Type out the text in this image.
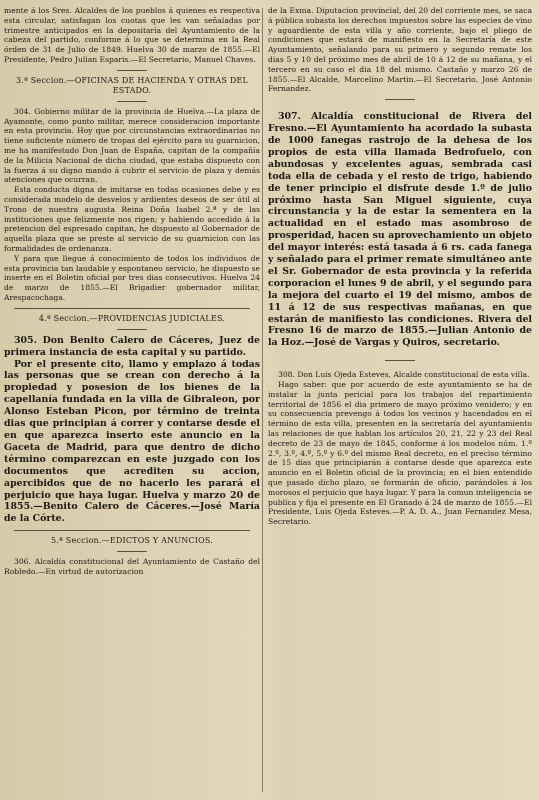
mente á los Sres. Alcaldes de los pueblos á quienes es respectiva esta circular, satisfagan los cuotas que les van señaladas por trimestre anticipados en la depositaría del Ayuntamiento de la cabeza del partido, conforme á lo que se determina en la Real órden de 31 de Julio de 1849. Huelva 30 de marzo de 1855.—El Presidente, Pedro Julian Esparis.—El Secretario, Manuel Chaves.

3.ª Seccion.—OFICINAS DE HACIENDA Y OTRAS DEL ESTADO.

304. Gobierno militar de la provincia de Huelva.—La plaza de Ayamonte, como punto militar, merece consideracion importante en esta provincia. Hoy que por circunstancias extraordinarias no tiene suficiente número de tropas del ejército para su guarnicion, me ha manifestado Don Juan de España, capitan de la compañía de la Milicia Nacional de dicha ciudad, que estaba dispuesto con la fuerza á su digno mando á cubrir el servicio de plaza y demás atenciones que ocurran.

Esta conducta digna de imitarse en todas ocasiones debe y es considerada modelo de desvelos y ardientes deseos de ser útil al Trono de nuestra augusta Reina Doña Isabel 2.ª y de las instituciones que felizmente nos rigen; y habiendo accedido á la pretencion del espresado capitan, he dispuesto al Gobernador de aquella plaza que se preste al servicio de su guarnicion con las formalidades de ordenanza.

Y para que llegue á conocimiento de todos los individuos de esta provincia tan laudable y espontaneo servicio, he dispuesto se inserte en el Boletin oficial por tres dias consecutivos. Huelva 24 de marzo de 1855.—El Brigadier gobernador militar, Arespacochaga.

4.ª Seccion.—PROVIDENCIAS JUDICIALES.

305. Don Benito Calero de Cáceres, Juez de primera instancia de esta capital y su partido.

Por el presente cito, llamo y emplazo á todas las personas que se crean con derecho á la propiedad y posesion de los bienes de la capellanía fundada en la villa de Gibraleon, por Alonso Esteban Picon, por término de treinta dias que principian á correr y contarse desde el en que aparezca inserto este anuncio en la Gaceta de Madrid, para que dentro de dicho término comparezcan en este juzgado con los documentos que acrediten su accion, apercibidos que de no hacerlo les parará el perjuicio que haya lugar. Huelva y marzo 20 de 1855.—Benito Calero de Cáceres.—José María de la Córte.

5.ª Seccion.—EDICTOS Y ANUNCIOS.

306. Alcaldía constitucional del Ayuntamiento de Castaño del Robledo.—En virtud de autorizacion

de la Exma. Diputacion provincial, del 20 del corriente mes, se saca á pública subasta los derechos impuestos sobre las especies de vino y aguardiente de esta villa y año corriente, bajo el pliego de condiciones que estará de manifiesto en la Secretaría de este Ayuntamiento, señalando para su primero y segundo remate los dias 5 y 10 del próximo mes de abril de 10 á 12 de su mañana, y el tercero en su caso el dia 18 del mismo. Castaño y marzo 26 de 1855.—El Alcalde, Marcelino Martin.—El Secretario, José Antonio Fernandez.

307. Alcaldía constitucional de Rivera del Fresno.—El Ayuntamiento ha acordado la subasta de 1000 fanegas rastrojo de la dehesa de los propios de esta villa llamada Bedrofuelo, con abundosas y excelentes aguas, sembrada casi toda ella de cebada y el resto de trigo, habiendo de tener principio el disfrute desde 1.º de julio próximo hasta San Miguel siguiente, cuya circunstancia y la de estar la sementera en la actualidad en el estado mas asombroso de prosperidad, hacen su aprovechamiento un objeto del mayor interés: está tasada á 6 rs. cada fanega y señalado para el primer remate simultáneo ante el Sr. Gobernador de esta provincia y la referida corporacion el lunes 9 de abril, y el segundo para la mejora del cuarto el 19 del mismo, ambos de 11 á 12 de sus respectivas mañanas, en que estarán de manifiesto las condiciones. Rivera del Fresno 16 de marzo de 1855.—Julian Antonio de la Hoz.—José de Vargas y Quiros, secretario.

308. Don Luis Ojeda Esteves, Alcalde constitucional de esta villa.

Hago saber: que por acuerdo de este ayuntamiento se ha de instalar la junta pericial para los trabajos del repartimiento territorial de 1856 el dia primero de mayo próximo venidero; y en su consecuencia prevengo á todos los vecinos y hacendados en el término de esta villa, presenten en la secretaría del ayuntamiento las relaciones de que hablan los artículos 20, 21, 22 y 23 del Real decreto de 23 de mayo de 1845, conforme á los modelos núm. 1.º 2.º, 3.º, 4.º, 5.º y 6.º del mismo Real decreto, en el preciso término de 15 dias que principiarán á contarse desde que aparezca este anuncio en el Boletin oficial de la provincia; en el bien entendido que pasado dicho plazo, se formarán de oficio, parándoles á los morosos el perjuicio que haya lugar. Y para la comun inteligencia se publica y fija el presente en El Granado á 24 de marzo de 1855.—El Presidente, Luis Ojeda Esteves.—P. A. D. A., Juan Fernandez Mesa, Secretario.
